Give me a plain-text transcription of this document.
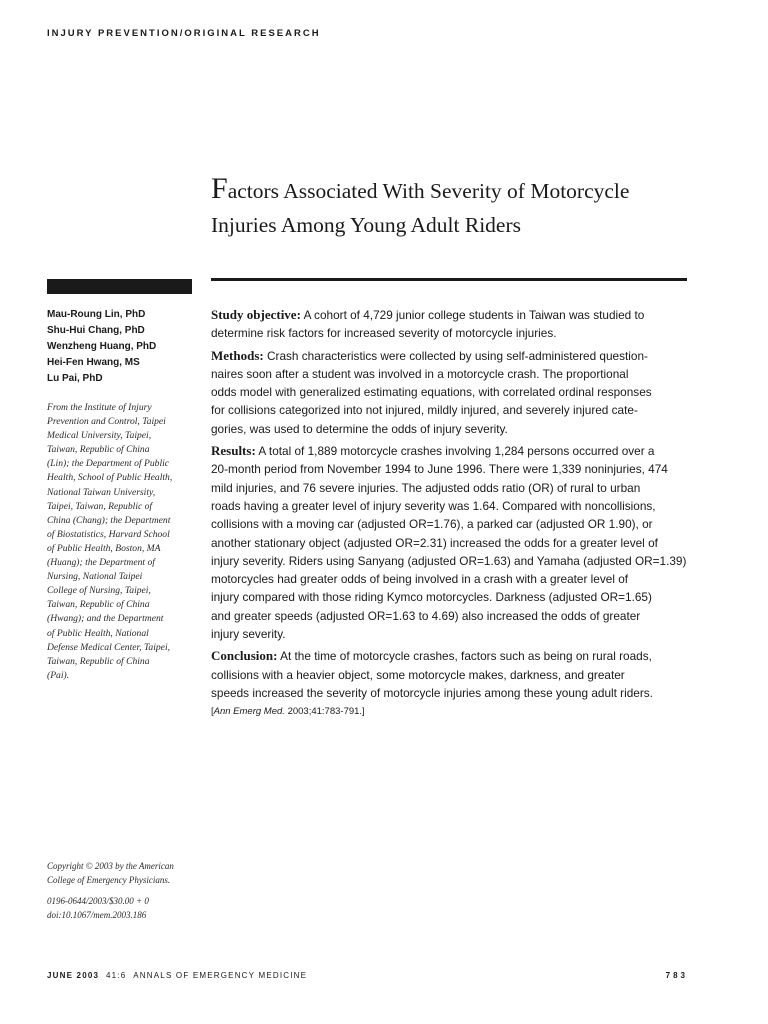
INJURY PREVENTION/ORIGINAL RESEARCH
Factors Associated With Severity of Motorcycle
Injuries Among Young Adult Riders
Mau-Roung Lin, PhD
Shu-Hui Chang, PhD
Wenzheng Huang, PhD
Hei-Fen Hwang, MS
Lu Pai, PhD
From the Institute of Injury
Prevention and Control, Taipei
Medical University, Taipei,
Taiwan, Republic of China
(Lin); the Department of Public
Health, School of Public Health,
National Taiwan University,
Taipei, Taiwan, Republic of
China (Chang); the Department
of Biostatistics, Harvard School
of Public Health, Boston, MA
(Huang); the Department of
Nursing, National Taipei
College of Nursing, Taipei,
Taiwan, Republic of China
(Hwang); and the Department
of Public Health, National
Defense Medical Center, Taipei,
Taiwan, Republic of China
(Pai).

Study objective: A cohort of 4,729 junior college students in Taiwan was studied to
determine risk factors for increased severity of motorcycle injuries.

Methods: Crash characteristics were collected by using self-administered question-
naires soon after a student was involved in a motorcycle crash. The proportional
odds model with generalized estimating equations, with correlated ordinal responses
for collisions categorized into not injured, mildly injured, and severely injured cate-
gories, was used to determine the odds of injury severity.

Results: A total of 1,889 motorcycle crashes involving 1,284 persons occurred over a
20-month period from November 1994 to June 1996. There were 1,339 noninjuries, 474
mild injuries, and 76 severe injuries. The adjusted odds ratio (OR) of rural to urban
roads having a greater level of injury severity was 1.64. Compared with noncollisions,
collisions with a moving car (adjusted OR=1.76), a parked car (adjusted OR 1.90), or
another stationary object (adjusted OR=2.31) increased the odds for a greater level of
injury severity. Riders using Sanyang (adjusted OR=1.63) and Yamaha (adjusted OR=1.39)
motorcycles had greater odds of being involved in a crash with a greater level of
injury compared with those riding Kymco motorcycles. Darkness (adjusted OR=1.65)
and greater speeds (adjusted OR=1.63 to 4.69) also increased the odds of greater
injury severity.

Conclusion: At the time of motorcycle crashes, factors such as being on rural roads,
collisions with a heavier object, some motorcycle makes, darkness, and greater
speeds increased the severity of motorcycle injuries among these young adult riders.

[Ann Emerg Med. 2003;41:783-791.]
Copyright © 2003 by the American
College of Emergency Physicians.
0196-0644/2003/$30.00 + 0
doi:10.1067/mem.2003.186
JUNE 2003 41:6 ANNALS OF EMERGENCY MEDICINE	783
